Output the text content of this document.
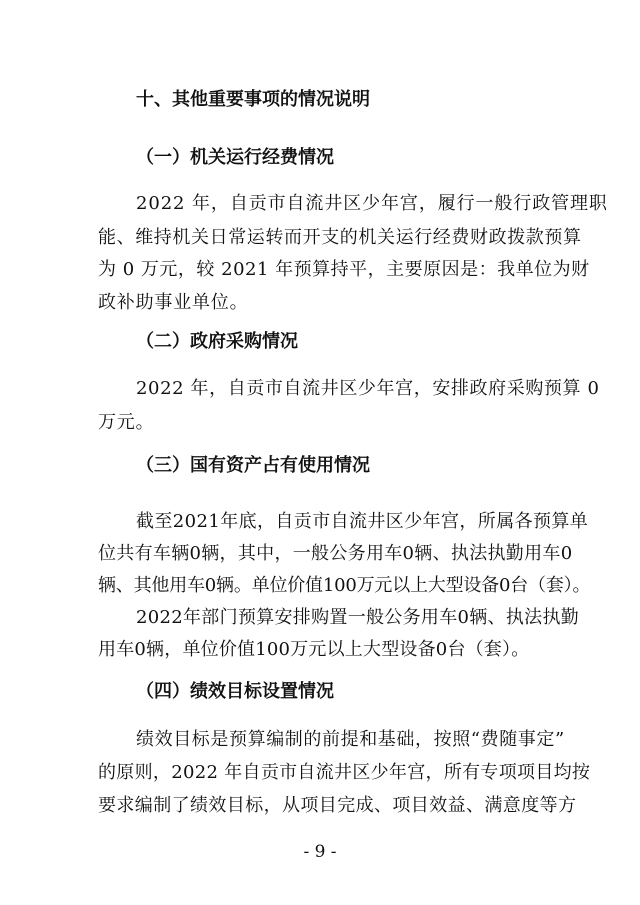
十、其他重要事项的情况说明
（一）机关运行经费情况
2022 年，自贡市自流井区少年宫，履行一般行政管理职
能、维持机关日常运转而开支的机关运行经费财政拨款预算
为 0 万元，较 2021 年预算持平，主要原因是：我单位为财
政补助事业单位。
（二）政府采购情况
2022 年，自贡市自流井区少年宫，安排政府采购预算 0
万元。
（三）国有资产占有使用情况
截至2021年底，自贡市自流井区少年宫，所属各预算单
位共有车辆0辆，其中，一般公务用车0辆、执法执勤用车0
辆、其他用车0辆。单位价值100万元以上大型设备0台（套）。
2022年部门预算安排购置一般公务用车0辆、执法执勤
用车0辆，单位价值100万元以上大型设备0台（套）。
（四）绩效目标设置情况
绩效目标是预算编制的前提和基础，按照“费随事定”
的原则，2022 年自贡市自流井区少年宫，所有专项项目均按
要求编制了绩效目标，从项目完成、项目效益、满意度等方
- 9 -
